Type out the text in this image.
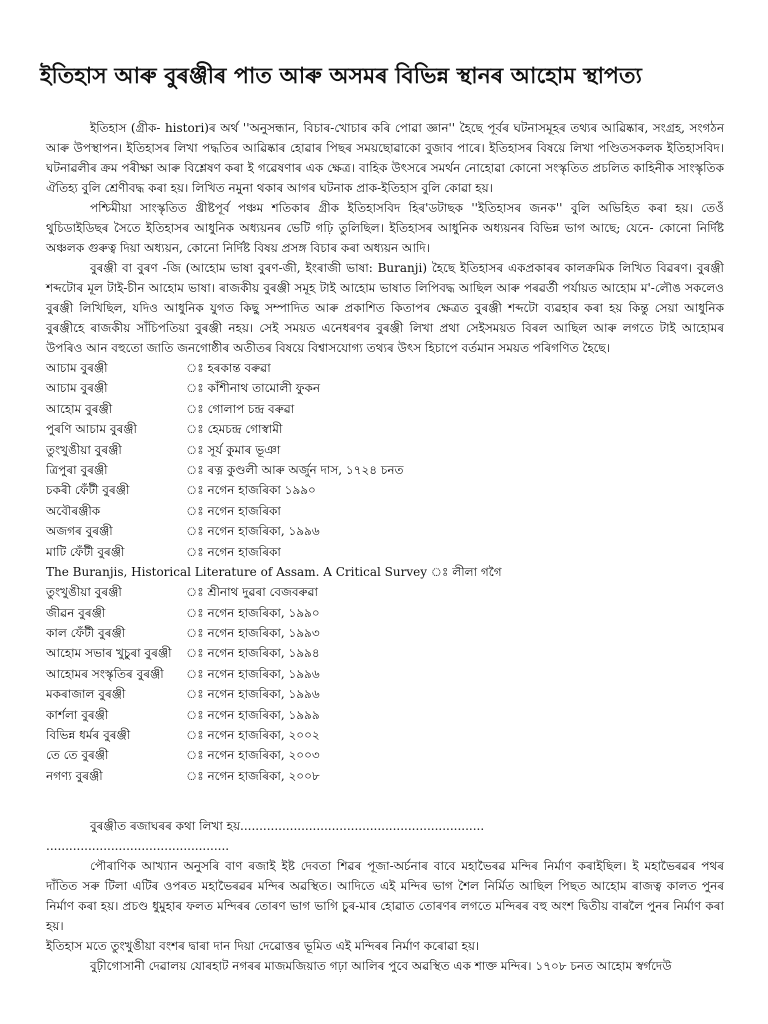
ইতিহাস আৰু বুৰঞ্জীৰ পাত আৰু অসমৰ বিভিন্ন স্থানৰ আহোম স্থাপত্য

ইতিহাস (গ্ৰীক- histori)ৰ অৰ্থ ''অনুসন্ধান, বিচাৰ-খোচাৰ কৰি পোৱা জ্ঞান'' হৈছে পূৰ্বৰ ঘটনাসমূহৰ তথ্যৰ আৱিষ্কাৰ, সংগ্ৰহ, সংগঠন আৰু উপস্থাপন। ইতিহাসৰ লিখা পদ্ধতিৰ আৱিষ্কাৰ হোৱাৰ পিছৰ সময়ছোৱাকো বুজাব পাৰে। ইতিহাসৰ বিষয়ে লিখা পণ্ডিতসকলক ইতিহাসবিদ। ঘটনাৱলীৰ ক্ৰম পৰীক্ষা আৰু বিশ্লেষণ কৰা ই গৱেষণাৰ এক ক্ষেত্ৰ। বাহিক উৎসৰে সমৰ্থন নোহোৱা কোনো সংস্কৃতিত প্ৰচলিত কাহিনীক সাংস্কৃতিক ঐতিহ্য বুলি শ্ৰেণীবদ্ধ কৰা হয়। লিখিত নমুনা থকাৰ আগৰ ঘটনাক প্ৰাক-ইতিহাস বুলি কোৱা হয়।

পশ্চিমীয়া সাংস্কৃতিত খ্ৰীষ্টপূৰ্ব পঞ্চম শতিকাৰ গ্ৰীক ইতিহাসবিদ হিৰ'ডটাছক ''ইতিহাসৰ জনক'' বুলি অভিহিত কৰা হয়। তেওঁ থুচিডাইডিছৰ সৈতে ইতিহাসৰ আধুনিক অধ্যয়নৰ ভেটি গঢ়ি তুলিছিল। ইতিহাসৰ আধুনিক অধ্যয়নৰ বিভিন্ন ভাগ আছে; যেনে- কোনো নিৰ্দিষ্ট অঞ্চলক গুৰুত্ব দিয়া অধ্যয়ন, কোনো নিৰ্দিষ্ট বিষয় প্ৰসঙ্গ বিচাৰ কৰা অধ্যয়ন আদি।

বুৰঞ্জী বা বুৰণ -জি (আহোম ভাষা বুৰণ-জী, ইংৰাজী ভাষা: Buranji) হৈছে ইতিহাসৰ একপ্ৰকাৰৰ কালক্ৰমিক লিখিত বিৱৰণ। বুৰঞ্জী শব্দটোৰ মূল টাই-চীন আহোম ভাষা। ৰাজকীয় বুৰঞ্জী সমূহ টাই আহোম ভাষাত লিপিবদ্ধ আছিল আৰু পৰৱৰ্তী পৰ্যায়ত আহোম ম'-লৌঙ সকলেও বুৰঞ্জী লিখিছিল, যদিও আধুনিক যুগত কিছু সম্পাদিত আৰু প্ৰকাশিত কিতাপৰ ক্ষেত্ৰত বুৰঞ্জী শব্দটো ব্যৱহাৰ কৰা হয় কিন্তু সেয়া আধুনিক বুৰঞ্জীহে ৰাজকীয় সাঁচিপতিয়া বুৰঞ্জী নহয়। সেই সময়ত এনেধৰণৰ বুৰঞ্জী লিখা প্ৰথা সেইসময়ত বিৰল আছিল আৰু লগতে টাই আহোমৰ উপৰিও আন বহুতো জাতি জনগোষ্ঠীৰ অতীতৰ বিষয়ে বিশ্বাসযোগ্য তথ্যৰ উৎস হিচাপে বৰ্তমান সময়ত পৰিগণিত হৈছে।

আচাম বুৰঞ্জী	ঃ হৰকান্ত বৰুৱা
আচাম বুৰঞ্জী	ঃ কাঁশীনাথ তামোলী ফুকন
আহোম বুৰঞ্জী	ঃ গোলাপ চন্দ্ৰ বৰুৱা
পুৰণি আচাম বুৰঞ্জী	ঃ হেমচন্দ্ৰ গোস্বামী
তুংখুঙীয়া বুৰঞ্জী	ঃ সূৰ্য কুমাৰ ভূঞা
ত্ৰিপুৰা বুৰঞ্জী	ঃ ৰত্ন কুণ্ডলী আৰু অৰ্জুন দাস, ১৭২৪ চনত
চকৰী ফেঁটী বুৰঞ্জী	ঃ নগেন হাজৰিকা ১৯৯০
অবৌৰঞ্জীক	ঃ নগেন হাজৰিকা
অজগৰ বুৰঞ্জী	ঃ নগেন হাজৰিকা, ১৯৯৬
মাটি ফেঁটী বুৰঞ্জী	ঃ নগেন হাজৰিকা
The Buranjis, Historical Literature of Assam. A Critical Survey ঃ লীলা গগৈ
তুংখুঙীয়া বুৰঞ্জী	ঃ শ্ৰীনাথ দুৱৰা বেজবৰুৱা
জীৱন বুৰঞ্জী	ঃ নগেন হাজৰিকা, ১৯৯০
কাল ফেঁটী বুৰঞ্জী	ঃ নগেন হাজৰিকা, ১৯৯৩
আহোম সভাৰ খুচুৰা বুৰঞ্জী	ঃ নগেন হাজৰিকা, ১৯৯৪
আহোমৰ সংস্কৃতিৰ বুৰঞ্জী	ঃ নগেন হাজৰিকা, ১৯৯৬
মকৰাজাল বুৰঞ্জী	ঃ নগেন হাজৰিকা, ১৯৯৬
কাৰ্শলা বুৰঞ্জী	ঃ নগেন হাজৰিকা, ১৯৯৯
বিভিন্ন ধৰ্মৰ বুৰঞ্জী	ঃ নগেন হাজৰিকা, ২০০২
তে তে বুৰঞ্জী	ঃ নগেন হাজৰিকা, ২০০৩
নগণ্য বুৰঞ্জী	ঃ নগেন হাজৰিকা, ২০০৮
বুৰঞ্জীত ৰজাঘৰৰ কথা লিখা হয়................................................................
................................................

পৌৰাণিক আখ্যান অনুসৰি বাণ ৰজাই ইষ্ট দেবতা শিৱৰ পূজা-অৰ্চনাৰ বাবে মহাভৈৰৱ মন্দিৰ নিৰ্মাণ কৰাইছিল। ই মহাভৈৰৱৰ পথৰ দাঁতিত সৰু টিলা এটিৰ ওপৰত মহাভৈৰৱৰ মন্দিৰ অৱস্থিত। আদিতে এই মন্দিৰ ভাগ শৈল নিৰ্মিত আছিল পিছত আহোম ৰাজত্ব কালত পুনৰ নিৰ্মাণ কৰা হয়। প্ৰচণ্ড ধুমুহাৰ ফলত মন্দিৰৰ তোৰণ ভাগ ভাগি চুৰ-মাৰ হোৱাত তোৰণৰ লগতে মন্দিৰৰ বহু অংশ দ্বিতীয় বাৰলৈ পুনৰ নিৰ্মাণ কৰা হয়।

ইতিহাস মতে তুংখুঙীয়া বংশৰ দ্বাৰা দান দিয়া দেৱোত্তৰ ভূমিত এই মন্দিৰৰ নিৰ্মাণ কৰোৱা হয়।

বুঢ়ীগোসানী দেৱালয় যোৰহাট নগৰৰ মাজমজিয়াত গঢ়া আলিৰ পুবে অৱস্থিত এক শাক্ত মন্দিৰ। ১৭০৮ চনত আহোম স্বৰ্গদেউ
